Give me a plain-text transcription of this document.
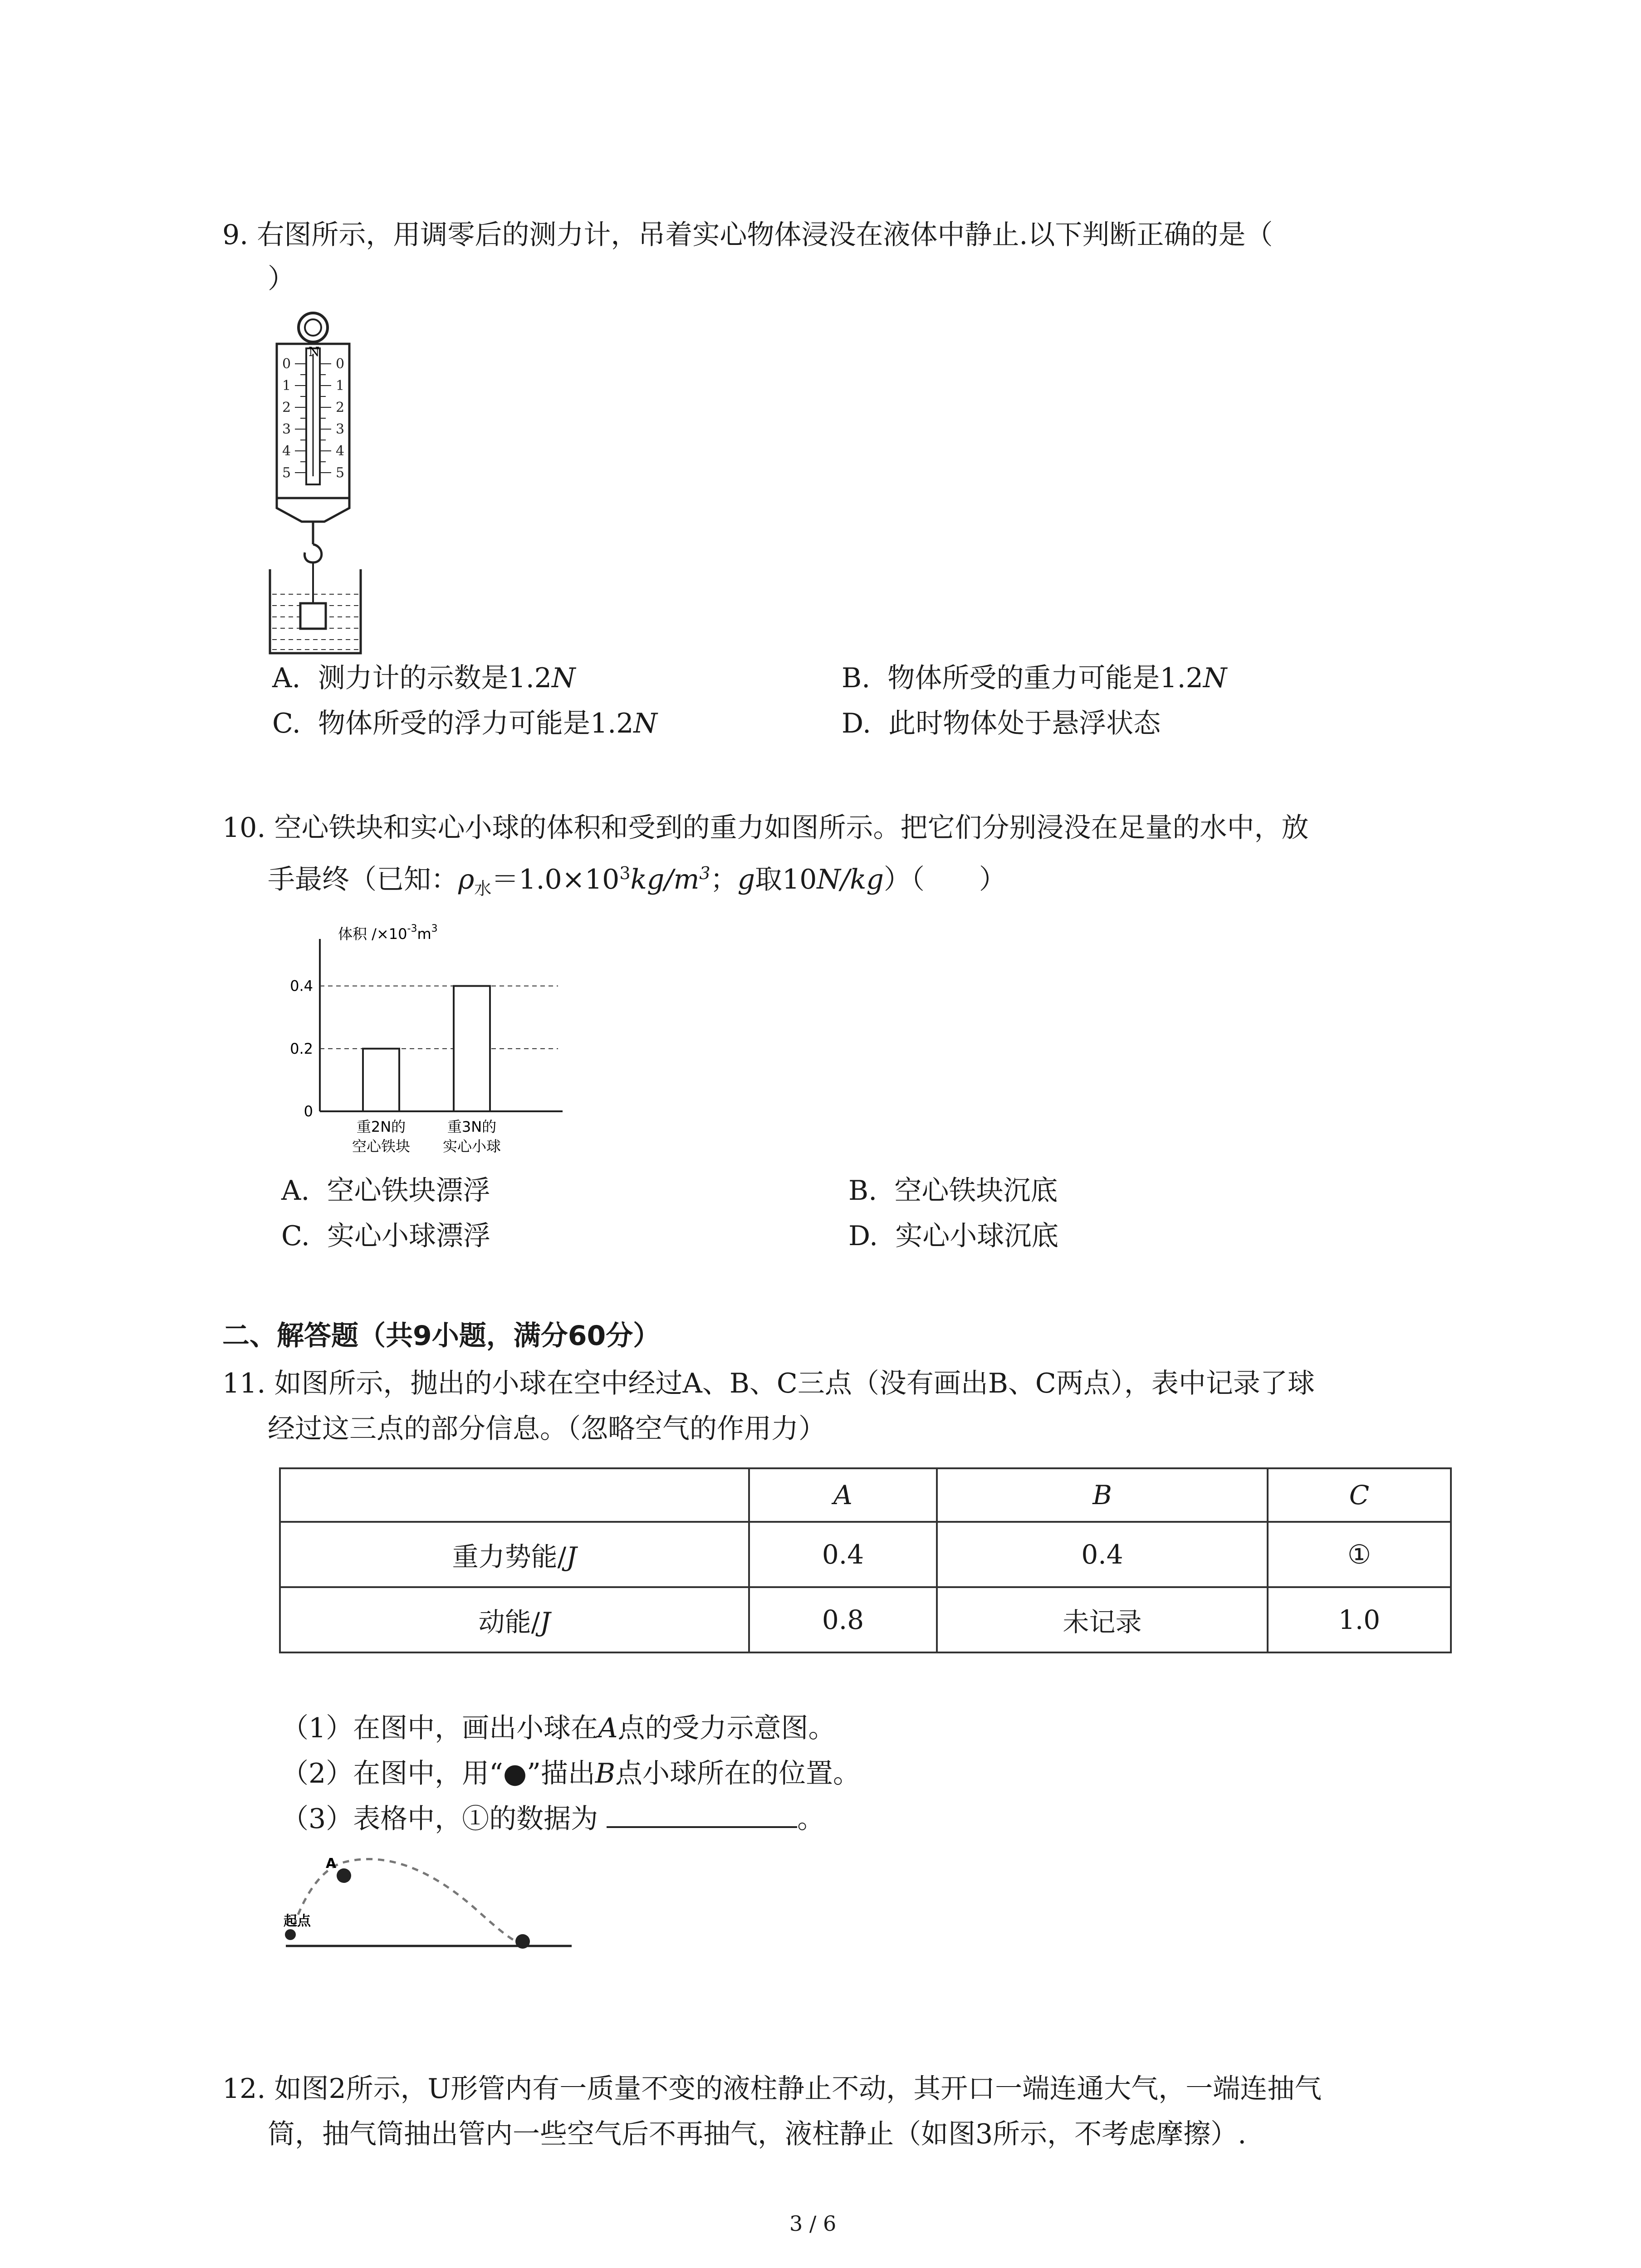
9. 右图所示，用调零后的测力计，吊着实心物体浸没在液体中静止.以下判断正确的是（
）
N
0
1
2
3
4
5
0
1
2
3
4
5
A. 测力计的示数是1.2N	B. 物体所受的重力可能是1.2N
C. 物体所受的浮力可能是1.2N	D. 此时物体处于悬浮状态
10. 空心铁块和实心小球的体积和受到的重力如图所示。把它们分别浸没在足量的水中，放
手最终（已知：$\rho_水=1.0\times 10^3kg/m^3$；g取10N/kg）（　　）
体积 $/\times 10^{-3}m^3$
0
0.2
0.4
重2N的
空心铁块
重3N的
实心小球
A. 空心铁块漂浮	B. 空心铁块沉底
C. 实心小球漂浮	D. 实心小球沉底
二、解答题（共9小题，满分60分）
11. 如图所示，抛出的小球在空中经过A、B、C三点（没有画出B、C两点），表中记录了球
经过这三点的部分信息。（忽略空气的作用力）
	A	B	C
重力势能/J	0.4	0.4	①
动能/J	0.8	未记录	1.0
（1）在图中，画出小球在A点的受力示意图。
（2）在图中，用“●”描出B点小球所在的位置。
（3）表格中，①的数据为	。
A
起点
12. 如图2所示，U形管内有一质量不变的液柱静止不动，其开口一端连通大气，一端连抽气
筒，抽气筒抽出管内一些空气后不再抽气，液柱静止（如图3所示，不考虑摩擦）.
3 / 6
